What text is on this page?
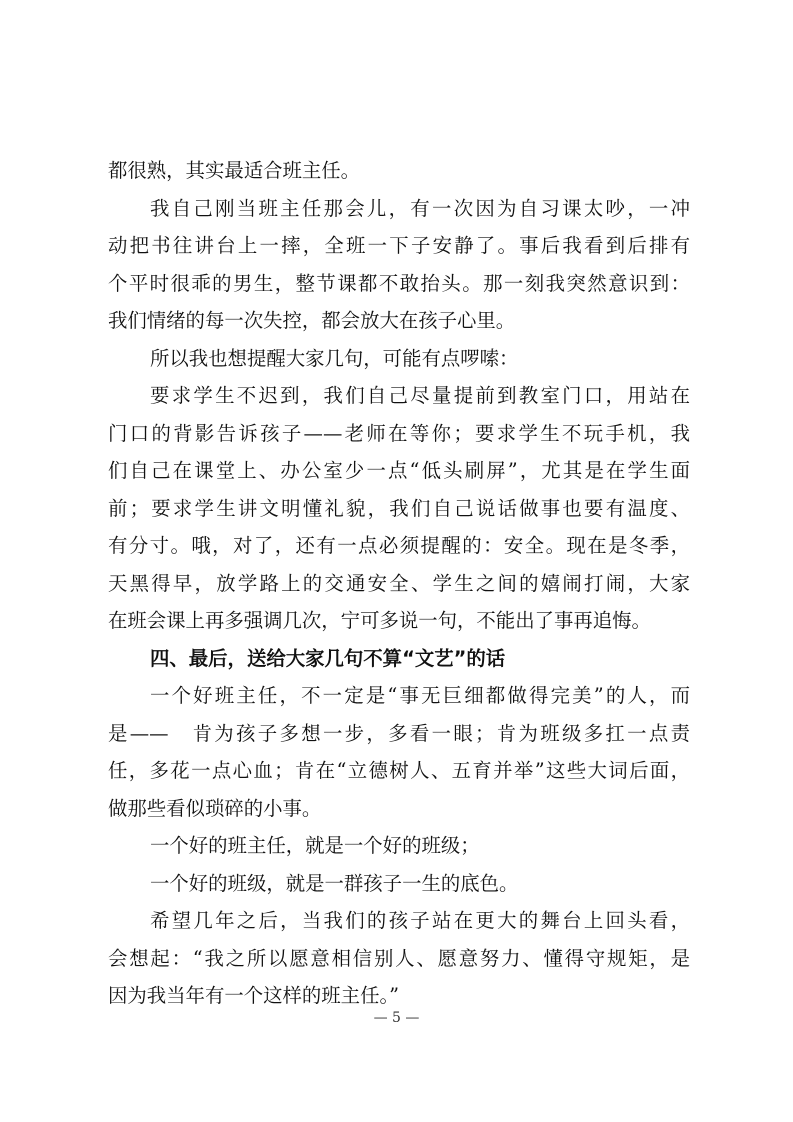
都很熟，其实最适合班主任。
我自己刚当班主任那会儿，有一次因为自习课太吵，一冲
动把书往讲台上一摔，全班一下子安静了。事后我看到后排有
个平时很乖的男生，整节课都不敢抬头。那一刻我突然意识到：
我们情绪的每一次失控，都会放大在孩子心里。
所以我也想提醒大家几句，可能有点啰嗦：
要求学生不迟到，我们自己尽量提前到教室门口，用站在
门口的背影告诉孩子——老师在等你；要求学生不玩手机，我
们自己在课堂上、办公室少一点“低头刷屏”，尤其是在学生面
前；要求学生讲文明懂礼貌，我们自己说话做事也要有温度、
有分寸。哦，对了，还有一点必须提醒的：安全。现在是冬季，
天黑得早，放学路上的交通安全、学生之间的嬉闹打闹，大家
在班会课上再多强调几次，宁可多说一句，不能出了事再追悔。
四、最后，送给大家几句不算“文艺”的话
一个好班主任，不一定是“事无巨细都做得完美”的人，而
是——　肯为孩子多想一步，多看一眼；肯为班级多扛一点责
任，多花一点心血；肯在“立德树人、五育并举”这些大词后面，
做那些看似琐碎的小事。
一个好的班主任，就是一个好的班级；
一个好的班级，就是一群孩子一生的底色。
希望几年之后，当我们的孩子站在更大的舞台上回头看，
会想起：“我之所以愿意相信别人、愿意努力、懂得守规矩，是
因为我当年有一个这样的班主任。”
— 5 —
